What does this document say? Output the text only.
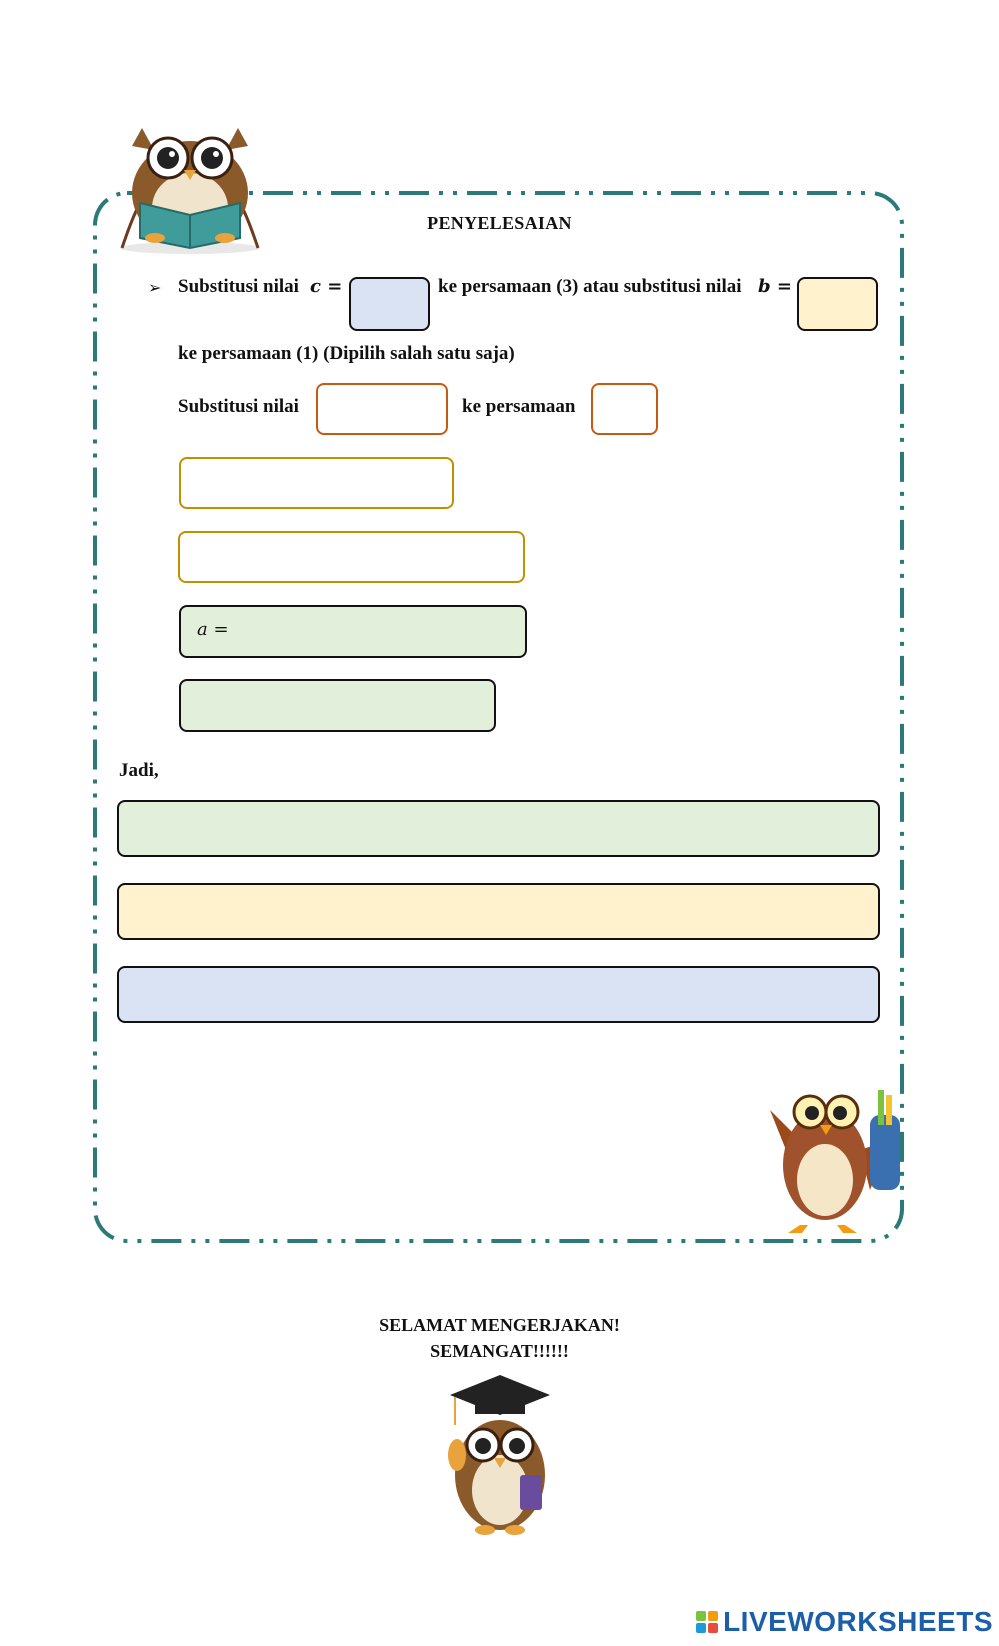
PENYELESAIAN
➢ Substitusi nilai c =	ke persamaan (3) atau substitusi nilai b =
ke persamaan (1) (Dipilih salah satu saja)
Substitusi nilai	ke persamaan
a =
Jadi,
SELAMAT MENGERJAKAN!
SEMANGAT!!!!!!
LIVEWORKSHEETS
